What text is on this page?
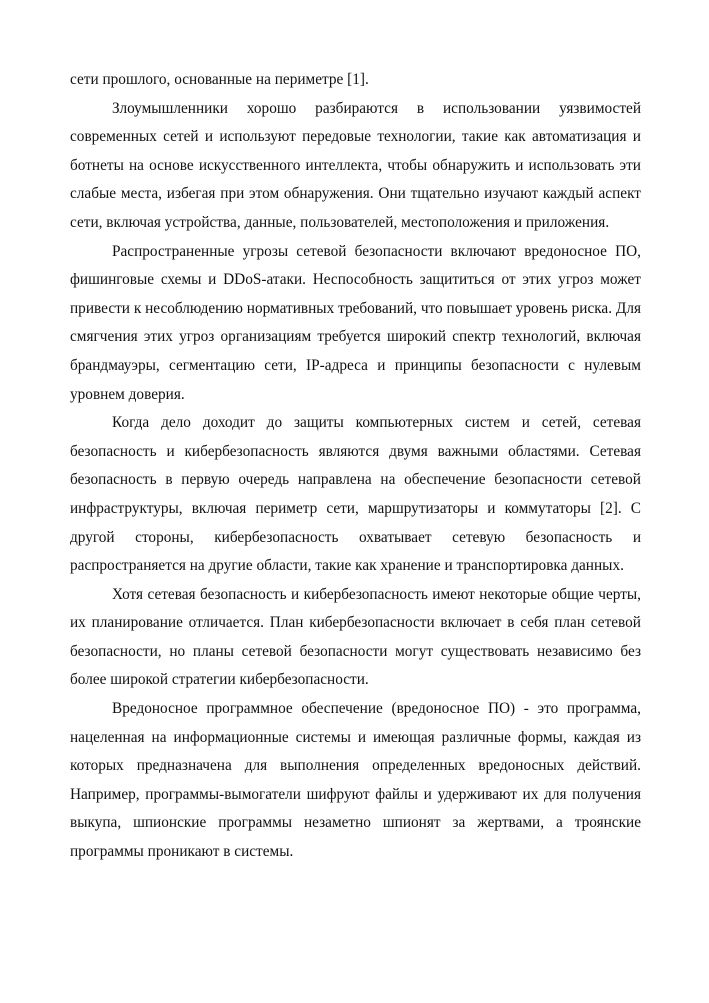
сети прошлого, основанные на периметре [1].

Злоумышленники хорошо разбираются в использовании уязвимостей современных сетей и используют передовые технологии, такие как автоматизация и ботнеты на основе искусственного интеллекта, чтобы обнаружить и использовать эти слабые места, избегая при этом обнаружения. Они тщательно изучают каждый аспект сети, включая устройства, данные, пользователей, местоположения и приложения.

Распространенные угрозы сетевой безопасности включают вредоносное ПО, фишинговые схемы и DDoS-атаки. Неспособность защититься от этих угроз может привести к несоблюдению нормативных требований, что повышает уровень риска. Для смягчения этих угроз организациям требуется широкий спектр технологий, включая брандмауэры, сегментацию сети, IP-адреса и принципы безопасности с нулевым уровнем доверия.

Когда дело доходит до защиты компьютерных систем и сетей, сетевая безопасность и кибербезопасность являются двумя важными областями. Сетевая безопасность в первую очередь направлена на обеспечение безопасности сетевой инфраструктуры, включая периметр сети, маршрутизаторы и коммутаторы [2]. С другой стороны, кибербезопасность охватывает сетевую безопасность и распространяется на другие области, такие как хранение и транспортировка данных.

Хотя сетевая безопасность и кибербезопасность имеют некоторые общие черты, их планирование отличается. План кибербезопасности включает в себя план сетевой безопасности, но планы сетевой безопасности могут существовать независимо без более широкой стратегии кибербезопасности.

Вредоносное программное обеспечение (вредоносное ПО) - это программа, нацеленная на информационные системы и имеющая различные формы, каждая из которых предназначена для выполнения определенных вредоносных действий. Например, программы-вымогатели шифруют файлы и удерживают их для получения выкупа, шпионские программы незаметно шпионят за жертвами, а троянские программы проникают в системы.
